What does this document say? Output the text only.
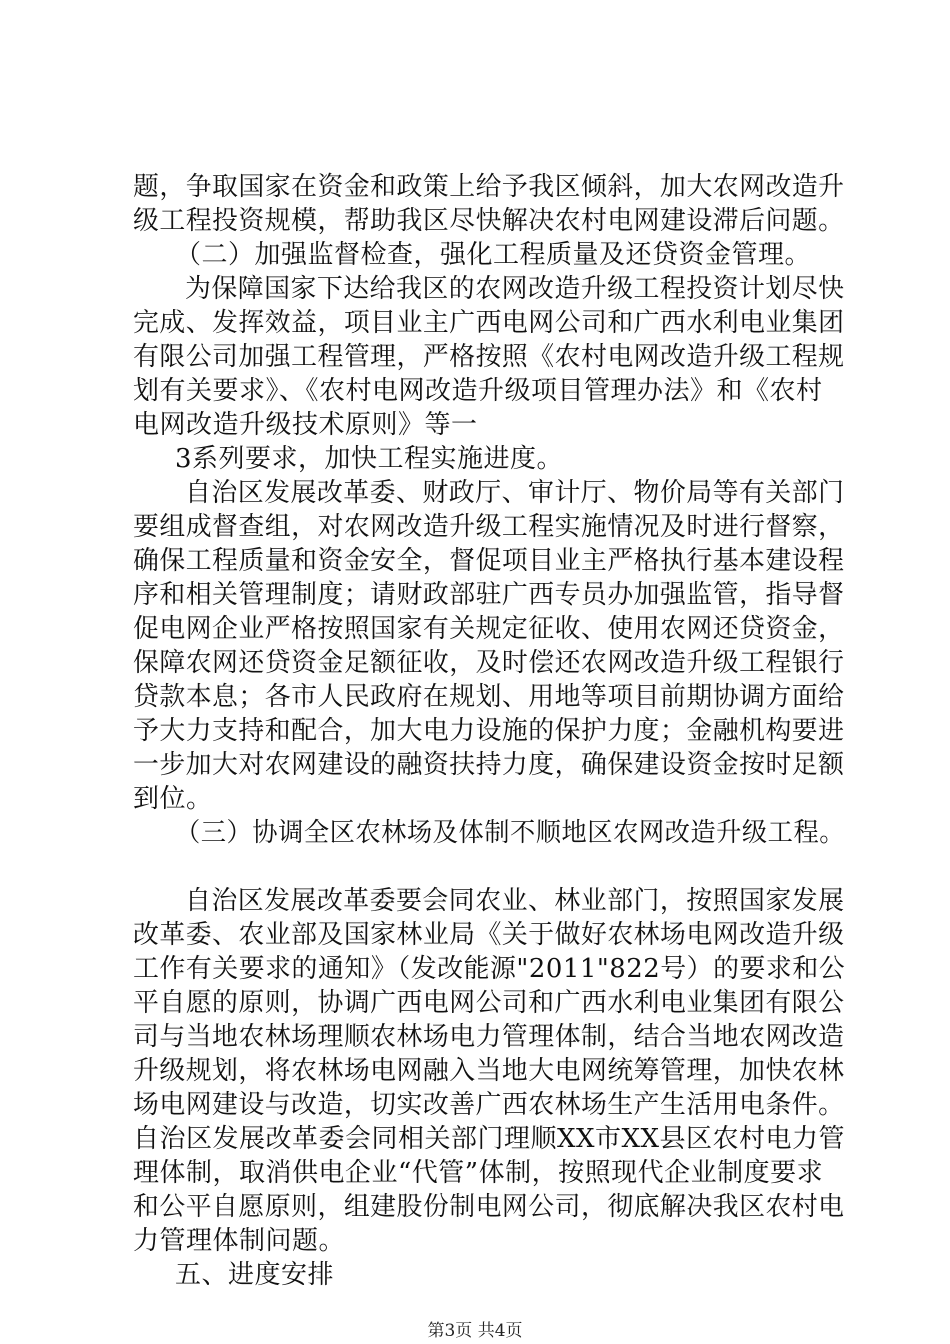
题，争取国家在资金和政策上给予我区倾斜，加大农网改造升
级工程投资规模，帮助我区尽快解决农村电网建设滞后问题。
（二）加强监督检查，强化工程质量及还贷资金管理。
为保障国家下达给我区的农网改造升级工程投资计划尽快
完成、发挥效益，项目业主广西电网公司和广西水利电业集团
有限公司加强工程管理，严格按照《农村电网改造升级工程规
划有关要求》、《农村电网改造升级项目管理办法》和《农村
电网改造升级技术原则》等一
3系列要求，加快工程实施进度。
自治区发展改革委、财政厅、审计厅、物价局等有关部门
要组成督查组，对农网改造升级工程实施情况及时进行督察，
确保工程质量和资金安全，督促项目业主严格执行基本建设程
序和相关管理制度；请财政部驻广西专员办加强监管，指导督
促电网企业严格按照国家有关规定征收、使用农网还贷资金，
保障农网还贷资金足额征收，及时偿还农网改造升级工程银行
贷款本息；各市人民政府在规划、用地等项目前期协调方面给
予大力支持和配合，加大电力设施的保护力度；金融机构要进
一步加大对农网建设的融资扶持力度，确保建设资金按时足额
到位。
（三）协调全区农林场及体制不顺地区农网改造升级工程。
自治区发展改革委要会同农业、林业部门，按照国家发展
改革委、农业部及国家林业局《关于做好农林场电网改造升级
工作有关要求的通知》（发改能源"2011"822号）的要求和公
平自愿的原则，协调广西电网公司和广西水利电业集团有限公
司与当地农林场理顺农林场电力管理体制，结合当地农网改造
升级规划，将农林场电网融入当地大电网统筹管理，加快农林
场电网建设与改造，切实改善广西农林场生产生活用电条件。
自治区发展改革委会同相关部门理顺XX市XX县区农村电力管
理体制，取消供电企业“代管”体制，按照现代企业制度要求
和公平自愿原则，组建股份制电网公司，彻底解决我区农村电
力管理体制问题。
五、进度安排
第3页 共4页
